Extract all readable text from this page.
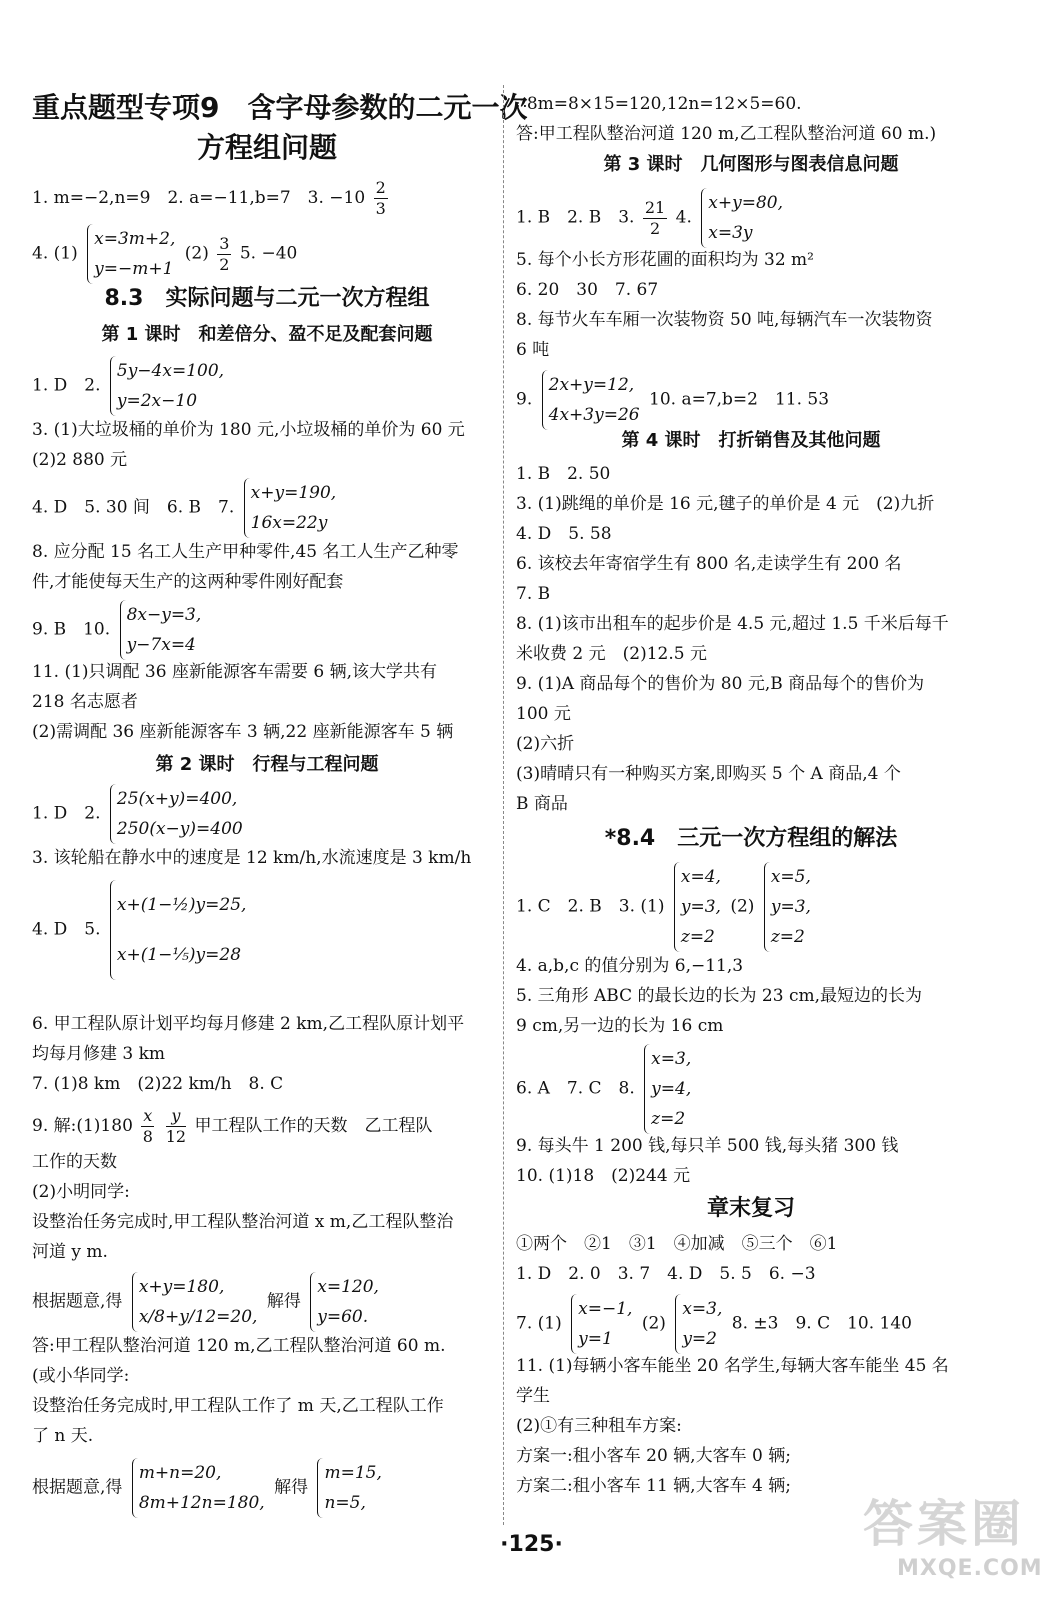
重点题型专项9　含字母参数的二元一次
方程组问题
1. m=−2,n=9　2. a=−11,b=7　3. $-10 \frac{2}{3}$
4. (1)
x=3m+2,
y=−m+1
$(2) \frac{3}{2} 5$. −40
8.3　实际问题与二元一次方程组
第 1 课时　和差倍分、盈不足及配套问题
1. D　2.
5y−4x=100,
y=2x−10
3. (1)大垃圾桶的单价为 180 元,小垃圾桶的单价为 60 元
(2)2 880 元
4. D　5. 30 间　6. B　7.
x+y=190,
16x=22y
8. 应分配 15 名工人生产甲种零件,45 名工人生产乙种零
件,才能使每天生产的这两种零件刚好配套
9. B　10.
8x−y=3,
y−7x=4
11. (1)只调配 36 座新能源客车需要 6 辆,该大学共有
218 名志愿者
(2)需调配 36 座新能源客车 3 辆,22 座新能源客车 5 辆
第 2 课时　行程与工程问题
1. D　2.
25(x+y)=400,
250(x−y)=400
3. 该轮船在静水中的速度是 12 km/h,水流速度是 3 km/h
4. D　5.
x+(1−½)y=25,
x+(1−⅕)y=28
6. 甲工程队原计划平均每月修建 2 km,乙工程队原计划平
均每月修建 3 km
7. (1)8 km　(2)22 km/h　8. C
9. 解:(1)180 $\frac{x}{8}$
$\frac{y}{12}$ 甲工程队工作的天数　乙工程队
工作的天数
(2)小明同学:
设整治任务完成时,甲工程队整治河道 x m,乙工程队整治
河道 y m.
根据题意,得
x+y=180,
x/8+y/12=20,
解得
x=120,
y=60.
答:甲工程队整治河道 120 m,乙工程队整治河道 60 m.
(或小华同学:
设整治任务完成时,甲工程队工作了 m 天,乙工程队工作
了 n 天.
根据题意,得
m+n=20,
8m+12n=180,
解得
m=15,
n=5,
∴8m=8×15=120,12n=12×5=60.
答:甲工程队整治河道 120 m,乙工程队整治河道 60 m.)
第 3 课时　几何图形与图表信息问题
1. B　2. B　3. $\frac{21}{2} 4$.
x+y=80,
x=3y
5. 每个小长方形花圃的面积均为 32 m²
6. 20　30　7. 67
8. 每节火车车厢一次装物资 50 吨,每辆汽车一次装物资
6 吨
9.
2x+y=12,
4x+3y=26
10. a=7,b=2　11. 53
第 4 课时　打折销售及其他问题
1. B　2. 50
3. (1)跳绳的单价是 16 元,毽子的单价是 4 元　(2)九折
4. D　5. 58
6. 该校去年寄宿学生有 800 名,走读学生有 200 名
7. B
8. (1)该市出租车的起步价是 4.5 元,超过 1.5 千米后每千
米收费 2 元　(2)12.5 元
9. (1)A 商品每个的售价为 80 元,B 商品每个的售价为
100 元
(2)六折
(3)晴晴只有一种购买方案,即购买 5 个 A 商品,4 个
B 商品
*8.4　三元一次方程组的解法
1. C　2. B　3. (1)
x=4,
y=3,
z=2
(2)
x=5,
y=3,
z=2
4. a,b,c 的值分别为 6,−11,3
5. 三角形 ABC 的最长边的长为 23 cm,最短边的长为
9 cm,另一边的长为 16 cm
6. A　7. C　8.
x=3,
y=4,
z=2
9. 每头牛 1 200 钱,每只羊 500 钱,每头猪 300 钱
10. (1)18　(2)244 元
章末复习
①两个　②1　③1　④加减　⑤三个　⑥1
1. D　2. 0　3. 7　4. D　5. 5　6. −3
7. (1)
x=−1,
y=1
(2)
x=3,
y=2
8. ±3　9. C　10. 140
11. (1)每辆小客车能坐 20 名学生,每辆大客车能坐 45 名
学生
(2)①有三种租车方案:
方案一:租小客车 20 辆,大客车 0 辆;
方案二:租小客车 11 辆,大客车 4 辆;
·125·	答案圈
MXQE.COM
